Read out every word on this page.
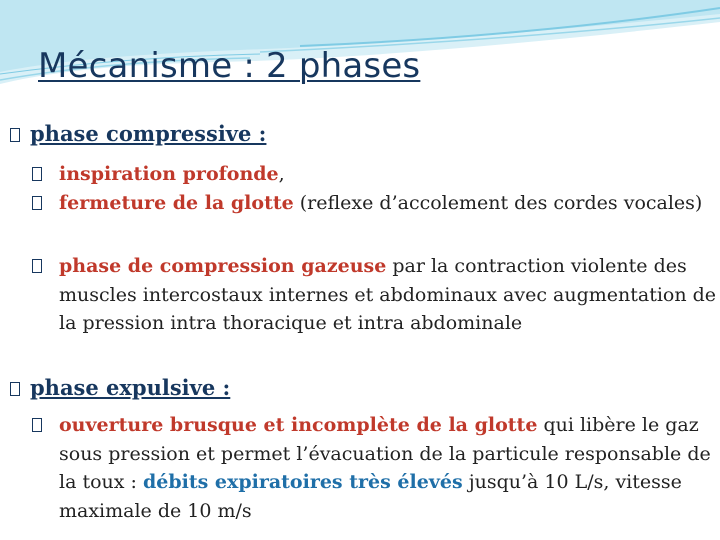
Mécanisme : 2 phases
phase compressive :
inspiration profonde,
fermeture de la glotte (reflexe d’accolement des cordes vocales)
phase de compression gazeuse par la contraction violente des muscles intercostaux internes et abdominaux avec augmentation de la pression intra thoracique et intra abdominale
phase expulsive :
ouverture brusque et incomplète de la glotte qui libère le gaz sous pression et permet l’évacuation de la particule responsable de la toux : débits expiratoires très élevés jusqu’à 10 L/s, vitesse maximale de 10 m/s
